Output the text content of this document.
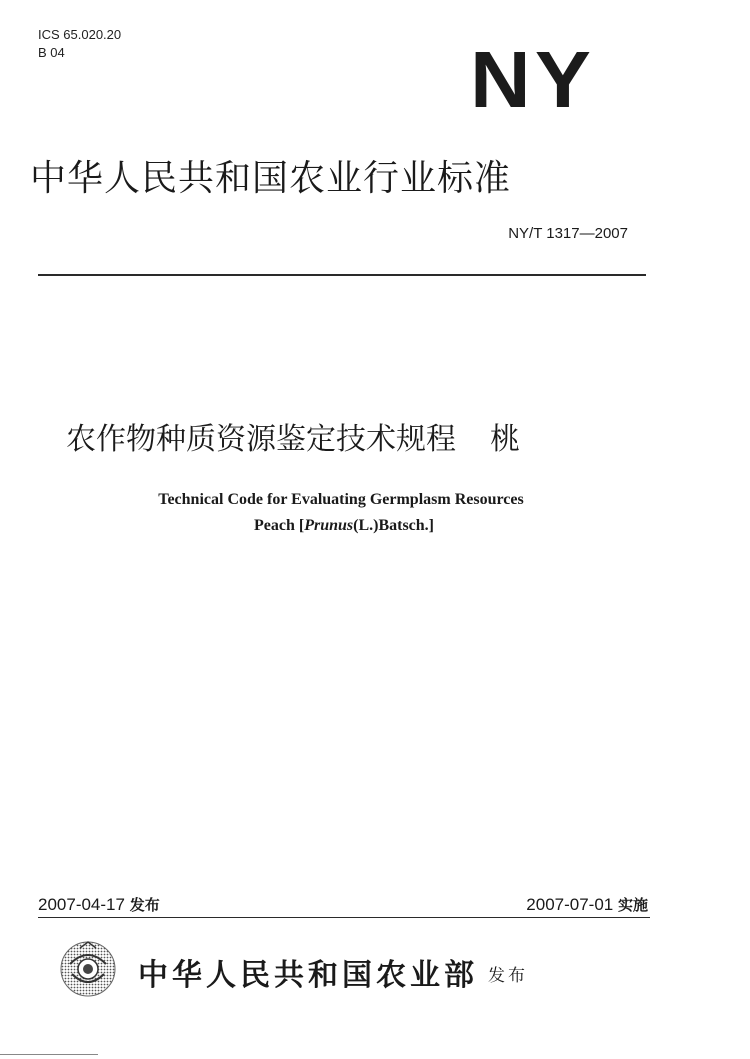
ICS 65.020.20
B 04	NY
中华人民共和国农业行业标准
NY/T 1317—2007
农作物种质资源鉴定技术规程 桃
Technical Code for Evaluating Germplasm Resources
Peach [Prunus(L.)Batsch.]
2007-04-17 发布	2007-07-01 实施
中华人民共和国农业部 发布
